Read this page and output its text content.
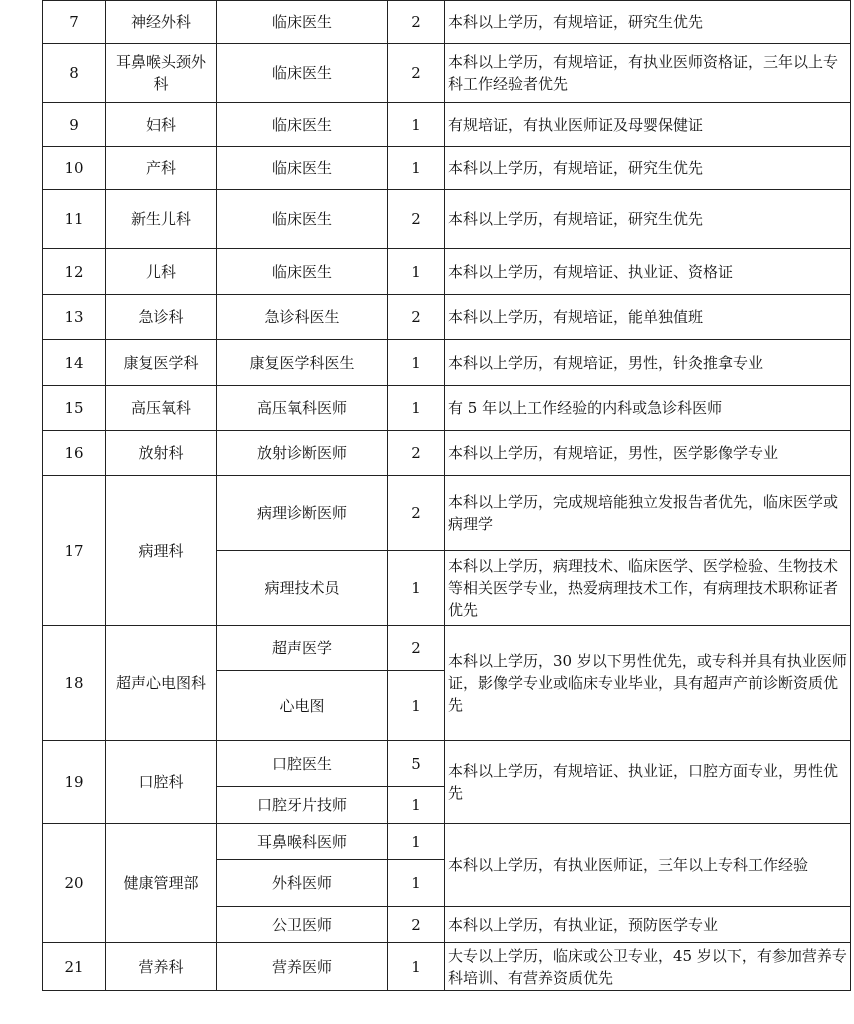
7	神经外科	临床医生	2	本科以上学历，有规培证，研究生优先
8	耳鼻喉头颈外科	临床医生	2	本科以上学历，有规培证，有执业医师资格证，三年以上专科工作经验者优先
9	妇科	临床医生	1	有规培证，有执业医师证及母婴保健证
10	产科	临床医生	1	本科以上学历，有规培证，研究生优先
11	新生儿科	临床医生	2	本科以上学历，有规培证，研究生优先
12	儿科	临床医生	1	本科以上学历，有规培证、执业证、资格证
13	急诊科	急诊科医生	2	本科以上学历，有规培证，能单独值班
14	康复医学科	康复医学科医生	1	本科以上学历，有规培证，男性，针灸推拿专业
15	高压氧科	高压氧科医师	1	有 5 年以上工作经验的内科或急诊科医师
16	放射科	放射诊断医师	2	本科以上学历，有规培证，男性，医学影像学专业
17	病理科	病理诊断医师	2	本科以上学历，完成规培能独立发报告者优先，临床医学或病理学
		病理技术员	1	本科以上学历，病理技术、临床医学、医学检验、生物技术等相关医学专业，热爱病理技术工作，有病理技术职称证者优先
18	超声心电图科	超声医学	2	本科以上学历，30 岁以下男性优先，或专科并具有执业医师证，影像学专业或临床专业毕业，具有超声产前诊断资质优先
		心电图	1	
19	口腔科	口腔医生	5	本科以上学历，有规培证、执业证，口腔方面专业，男性优先
		口腔牙片技师	1	
20	健康管理部	耳鼻喉科医师	1	本科以上学历，有执业医师证，三年以上专科工作经验
		外科医师	1	
		公卫医师	2	本科以上学历，有执业证，预防医学专业
21	营养科	营养医师	1	大专以上学历，临床或公卫专业，45 岁以下，有参加营养专科培训、有营养资质优先
